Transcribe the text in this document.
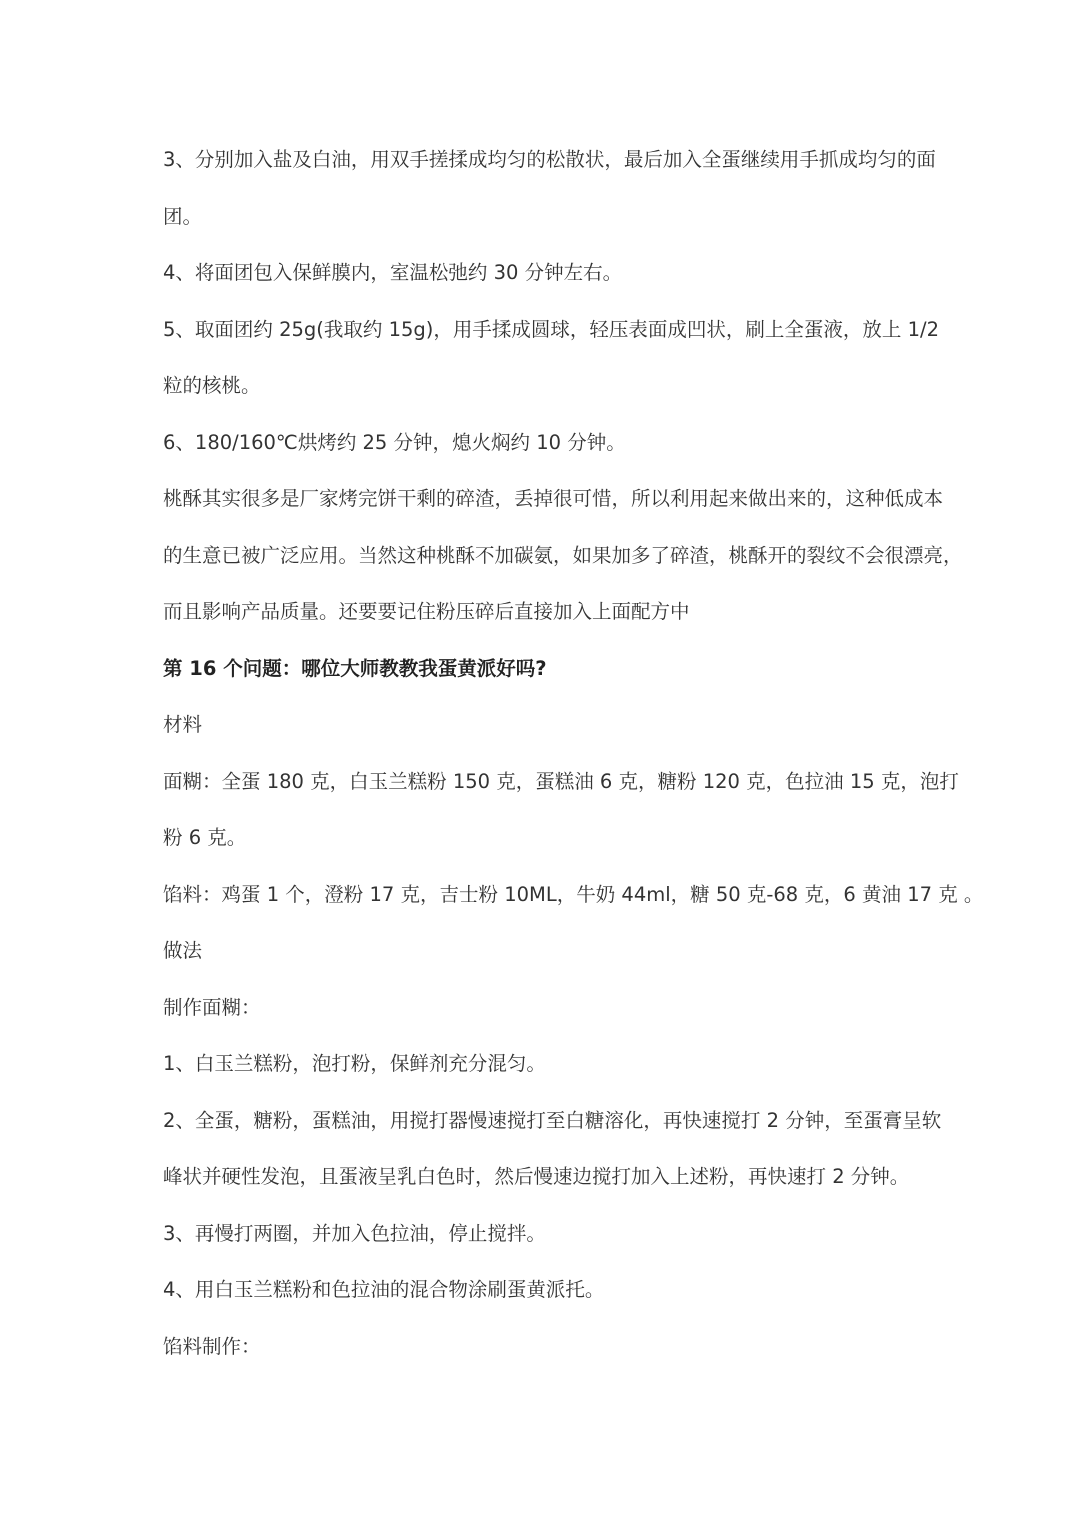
3、分别加入盐及白油，用双手搓揉成均匀的松散状，最后加入全蛋继续用手抓成均匀的面
团。
4、将面团包入保鲜膜内，室温松弛约 30 分钟左右。
5、取面团约 25g(我取约 15g)，用手揉成圆球，轻压表面成凹状，刷上全蛋液，放上 1/2
粒的核桃。
6、180/160℃烘烤约 25 分钟，熄火焖约 10 分钟。
桃酥其实很多是厂家烤完饼干剩的碎渣，丢掉很可惜，所以利用起来做出来的，这种低成本
的生意已被广泛应用。当然这种桃酥不加碳氨，如果加多了碎渣，桃酥开的裂纹不会很漂亮，
而且影响产品质量。还要要记住粉压碎后直接加入上面配方中
第 16 个问题：哪位大师教教我蛋黄派好吗?
材料
面糊：全蛋 180 克，白玉兰糕粉 150 克，蛋糕油 6 克，糖粉 120 克，色拉油 15 克，泡打
粉 6 克。
馅料：鸡蛋 1 个，澄粉 17 克，吉士粉 10ML，牛奶 44ml，糖 50 克-68 克，6 黄油 17 克 。
做法
制作面糊：
1、白玉兰糕粉，泡打粉，保鲜剂充分混匀。
2、全蛋，糖粉，蛋糕油，用搅打器慢速搅打至白糖溶化，再快速搅打 2 分钟，至蛋膏呈软
峰状并硬性发泡，且蛋液呈乳白色时，然后慢速边搅打加入上述粉，再快速打 2 分钟。
3、再慢打两圈，并加入色拉油，停止搅拌。
4、用白玉兰糕粉和色拉油的混合物涂刷蛋黄派托。
馅料制作：
